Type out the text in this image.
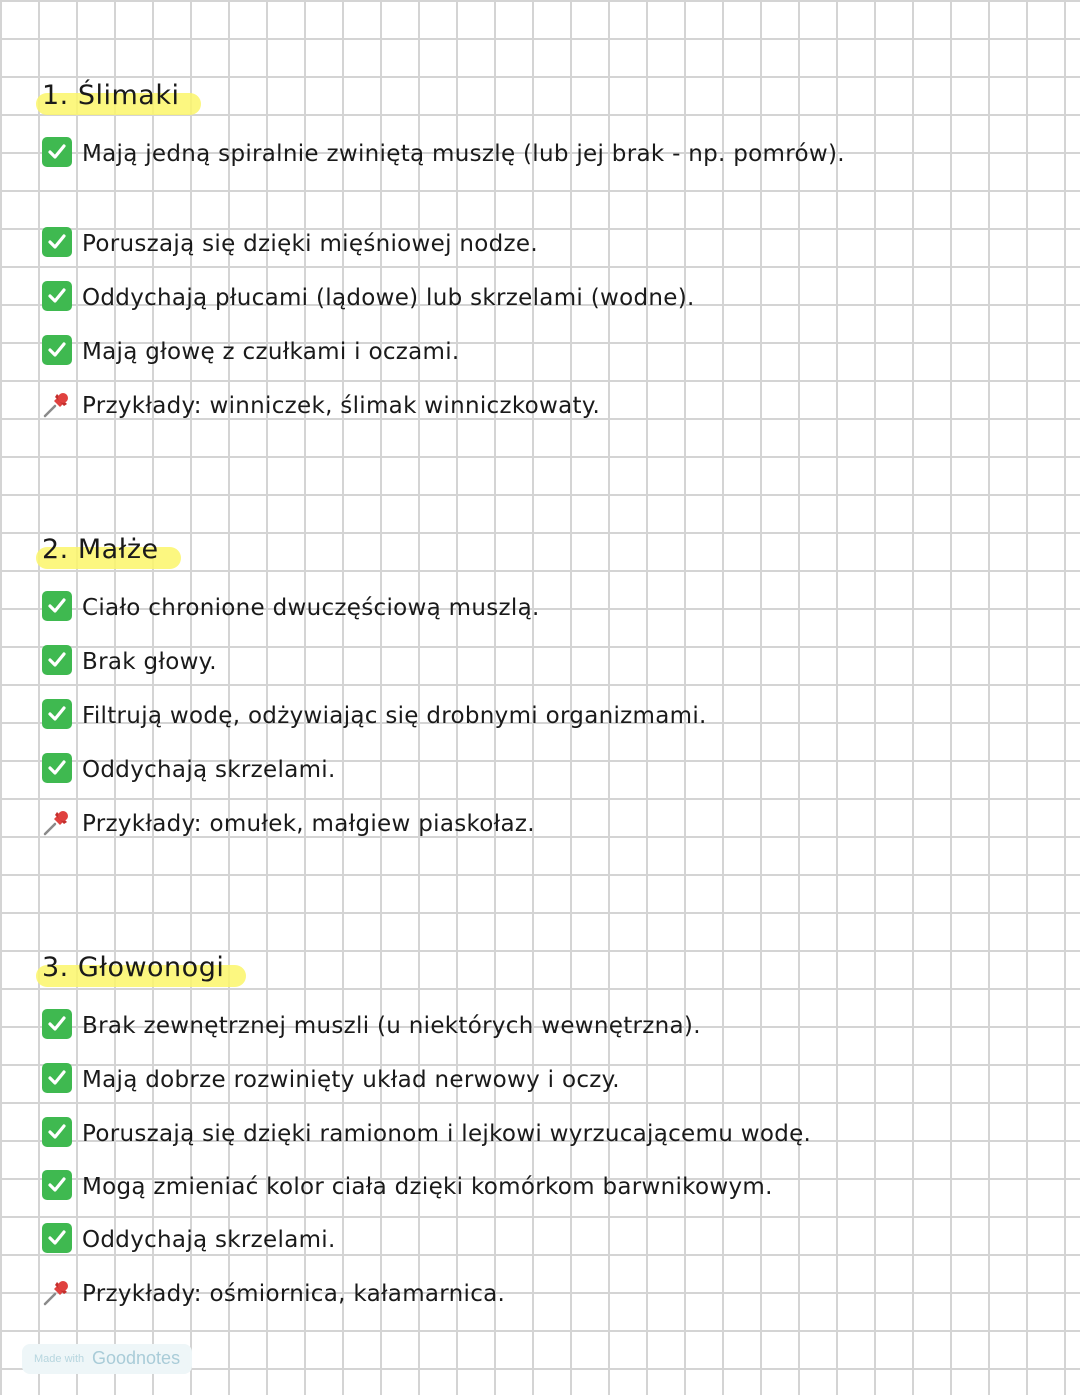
1. Ślimaki
Mają jedną spiralnie zwiniętą muszlę (lub jej brak - np. pomrów).
Poruszają się dzięki mięśniowej nodze.
Oddychają płucami (lądowe) lub skrzelami (wodne).
Mają głowę z czułkami i oczami.
Przykłady: winniczek, ślimak winniczkowaty.
2. Małże
Ciało chronione dwuczęściową muszlą.
Brak głowy.
Filtrują wodę, odżywiając się drobnymi organizmami.
Oddychają skrzelami.
Przykłady: omułek, małgiew piaskołaz.
3. Głowonogi
Brak zewnętrznej muszli (u niektórych wewnętrzna).
Mają dobrze rozwinięty układ nerwowy i oczy.
Poruszają się dzięki ramionom i lejkowi wyrzucającemu wodę.
Mogą zmieniać kolor ciała dzięki komórkom barwnikowym.
Oddychają skrzelami.
Przykłady: ośmiornica, kałamarnica.
Made with Goodnotes
